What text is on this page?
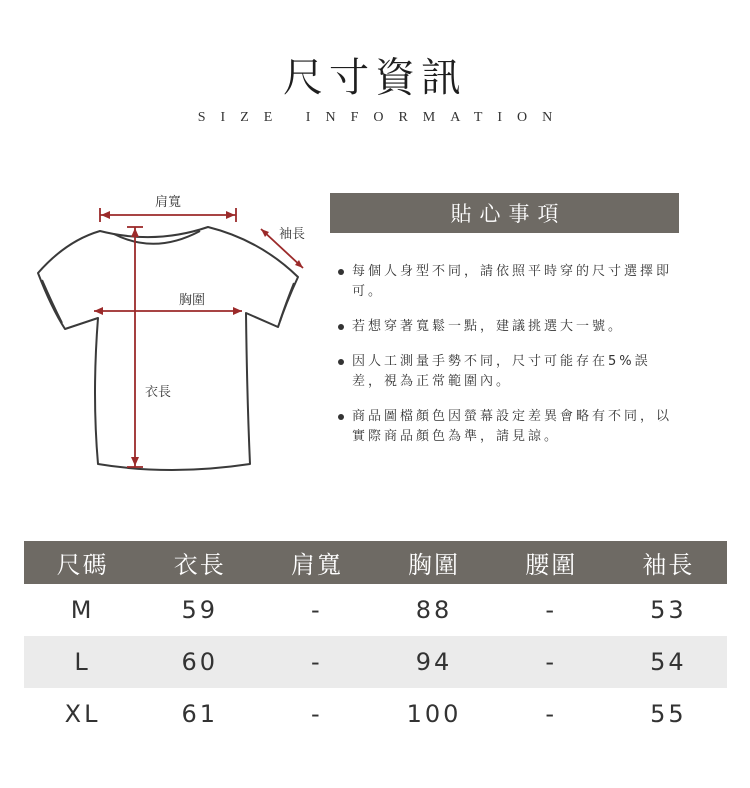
尺寸資訊
SIZE INFORMATION
肩寬
袖長
胸圍
衣長
貼心事項
每個人身型不同，請依照平時穿的尺寸選擇即可。
若想穿著寬鬆一點，建議挑選大一號。
因人工測量手勢不同，尺寸可能存在5%誤差，視為正常範圍內。
商品圖檔顏色因螢幕設定差異會略有不同，以實際商品顏色為準，請見諒。
尺碼	衣長	肩寬	胸圍	腰圍	袖長
M	59	-	88	-	53
L	60	-	94	-	54
XL	61	-	100	-	55
